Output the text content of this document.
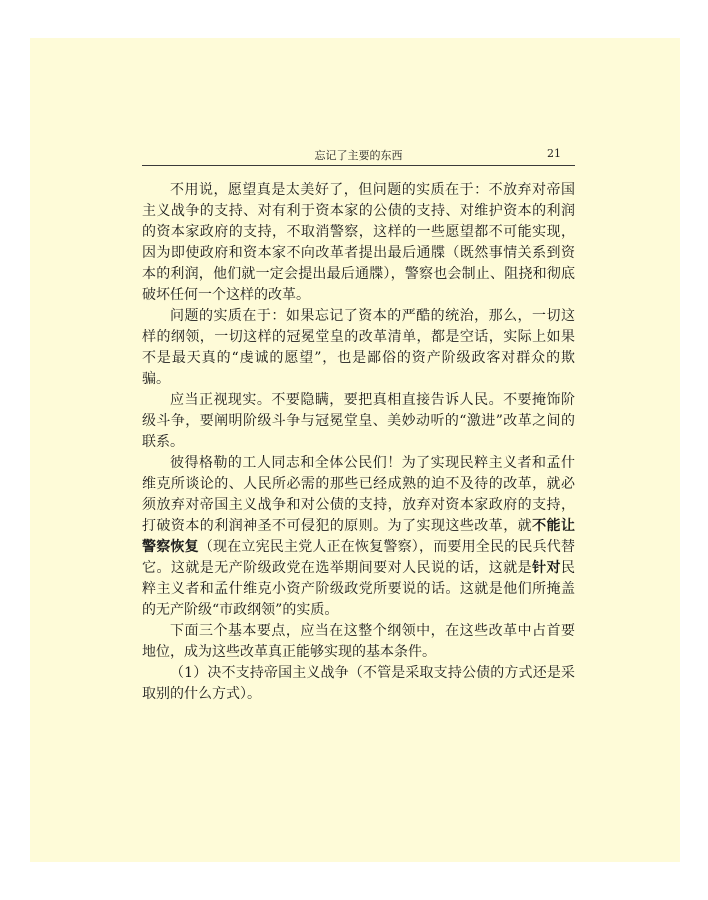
忘记了主要的东西	21

不用说，愿望真是太美好了，但问题的实质在于：不放弃对帝国主义战争的支持、对有利于资本家的公债的支持、对维护资本的利润的资本家政府的支持，不取消警察，这样的一些愿望都不可能实现，因为即使政府和资本家不向改革者提出最后通牒（既然事情关系到资本的利润，他们就一定会提出最后通牒），警察也会制止、阻挠和彻底破坏任何一个这样的改革。

问题的实质在于：如果忘记了资本的严酷的统治，那么，一切这样的纲领，一切这样的冠冕堂皇的改革清单，都是空话，实际上如果不是最天真的“虔诚的愿望”，也是鄙俗的资产阶级政客对群众的欺骗。

应当正视现实。不要隐瞒，要把真相直接告诉人民。不要掩饰阶级斗争，要阐明阶级斗争与冠冕堂皇、美妙动听的“激进”改革之间的联系。

彼得格勒的工人同志和全体公民们！为了实现民粹主义者和孟什维克所谈论的、人民所必需的那些已经成熟的迫不及待的改革，就必须放弃对帝国主义战争和对公债的支持，放弃对资本家政府的支持，打破资本的利润神圣不可侵犯的原则。为了实现这些改革，就不能让警察恢复（现在立宪民主党人正在恢复警察），而要用全民的民兵代替它。这就是无产阶级政党在选举期间要对人民说的话，这就是针对民粹主义者和孟什维克小资产阶级政党所要说的话。这就是他们所掩盖的无产阶级“市政纲领”的实质。

下面三个基本要点，应当在这整个纲领中，在这些改革中占首要地位，成为这些改革真正能够实现的基本条件。

（1）决不支持帝国主义战争（不管是采取支持公债的方式还是采取别的什么方式）。
